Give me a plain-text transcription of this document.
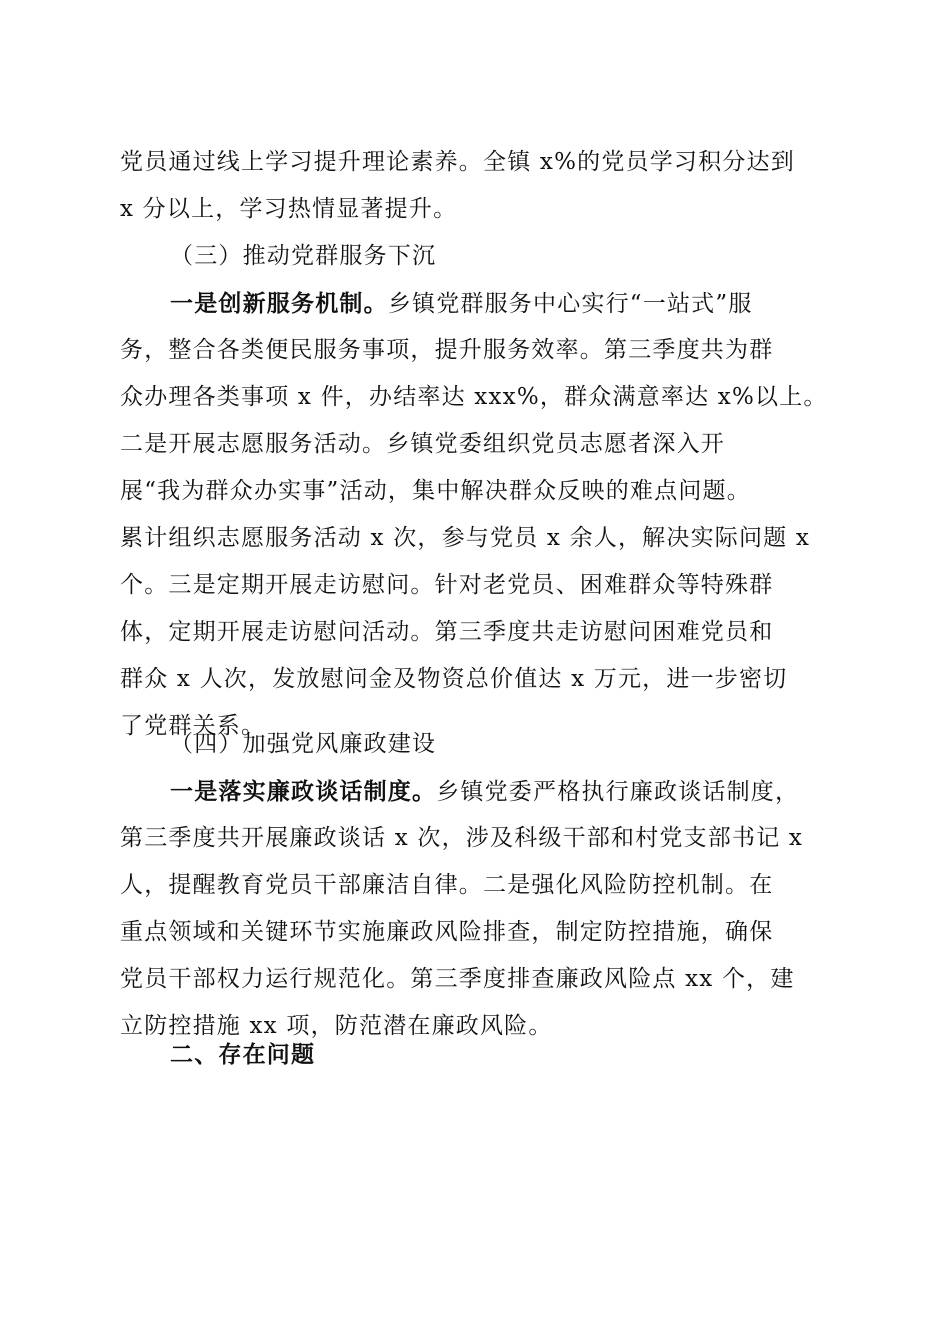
党员通过线上学习提升理论素养。全镇 x%的党员学习积分达到
x 分以上，学习热情显著提升。
（三）推动党群服务下沉
一是创新服务机制。乡镇党群服务中心实行“一站式”服
务，整合各类便民服务事项，提升服务效率。第三季度共为群
众办理各类事项 x 件，办结率达 xxx%，群众满意率达 x%以上。
二是开展志愿服务活动。乡镇党委组织党员志愿者深入开
展“我为群众办实事”活动，集中解决群众反映的难点问题。
累计组织志愿服务活动 x 次，参与党员 x 余人，解决实际问题 x
个。三是定期开展走访慰问。针对老党员、困难群众等特殊群
体，定期开展走访慰问活动。第三季度共走访慰问困难党员和
群众 x 人次，发放慰问金及物资总价值达 x 万元，进一步密切
了党群关系。
（四）加强党风廉政建设
一是落实廉政谈话制度。乡镇党委严格执行廉政谈话制度，
第三季度共开展廉政谈话 x 次，涉及科级干部和村党支部书记 x
人，提醒教育党员干部廉洁自律。二是强化风险防控机制。在
重点领域和关键环节实施廉政风险排查，制定防控措施，确保
党员干部权力运行规范化。第三季度排查廉政风险点 xx 个，建
立防控措施 xx 项，防范潜在廉政风险。
二、存在问题
